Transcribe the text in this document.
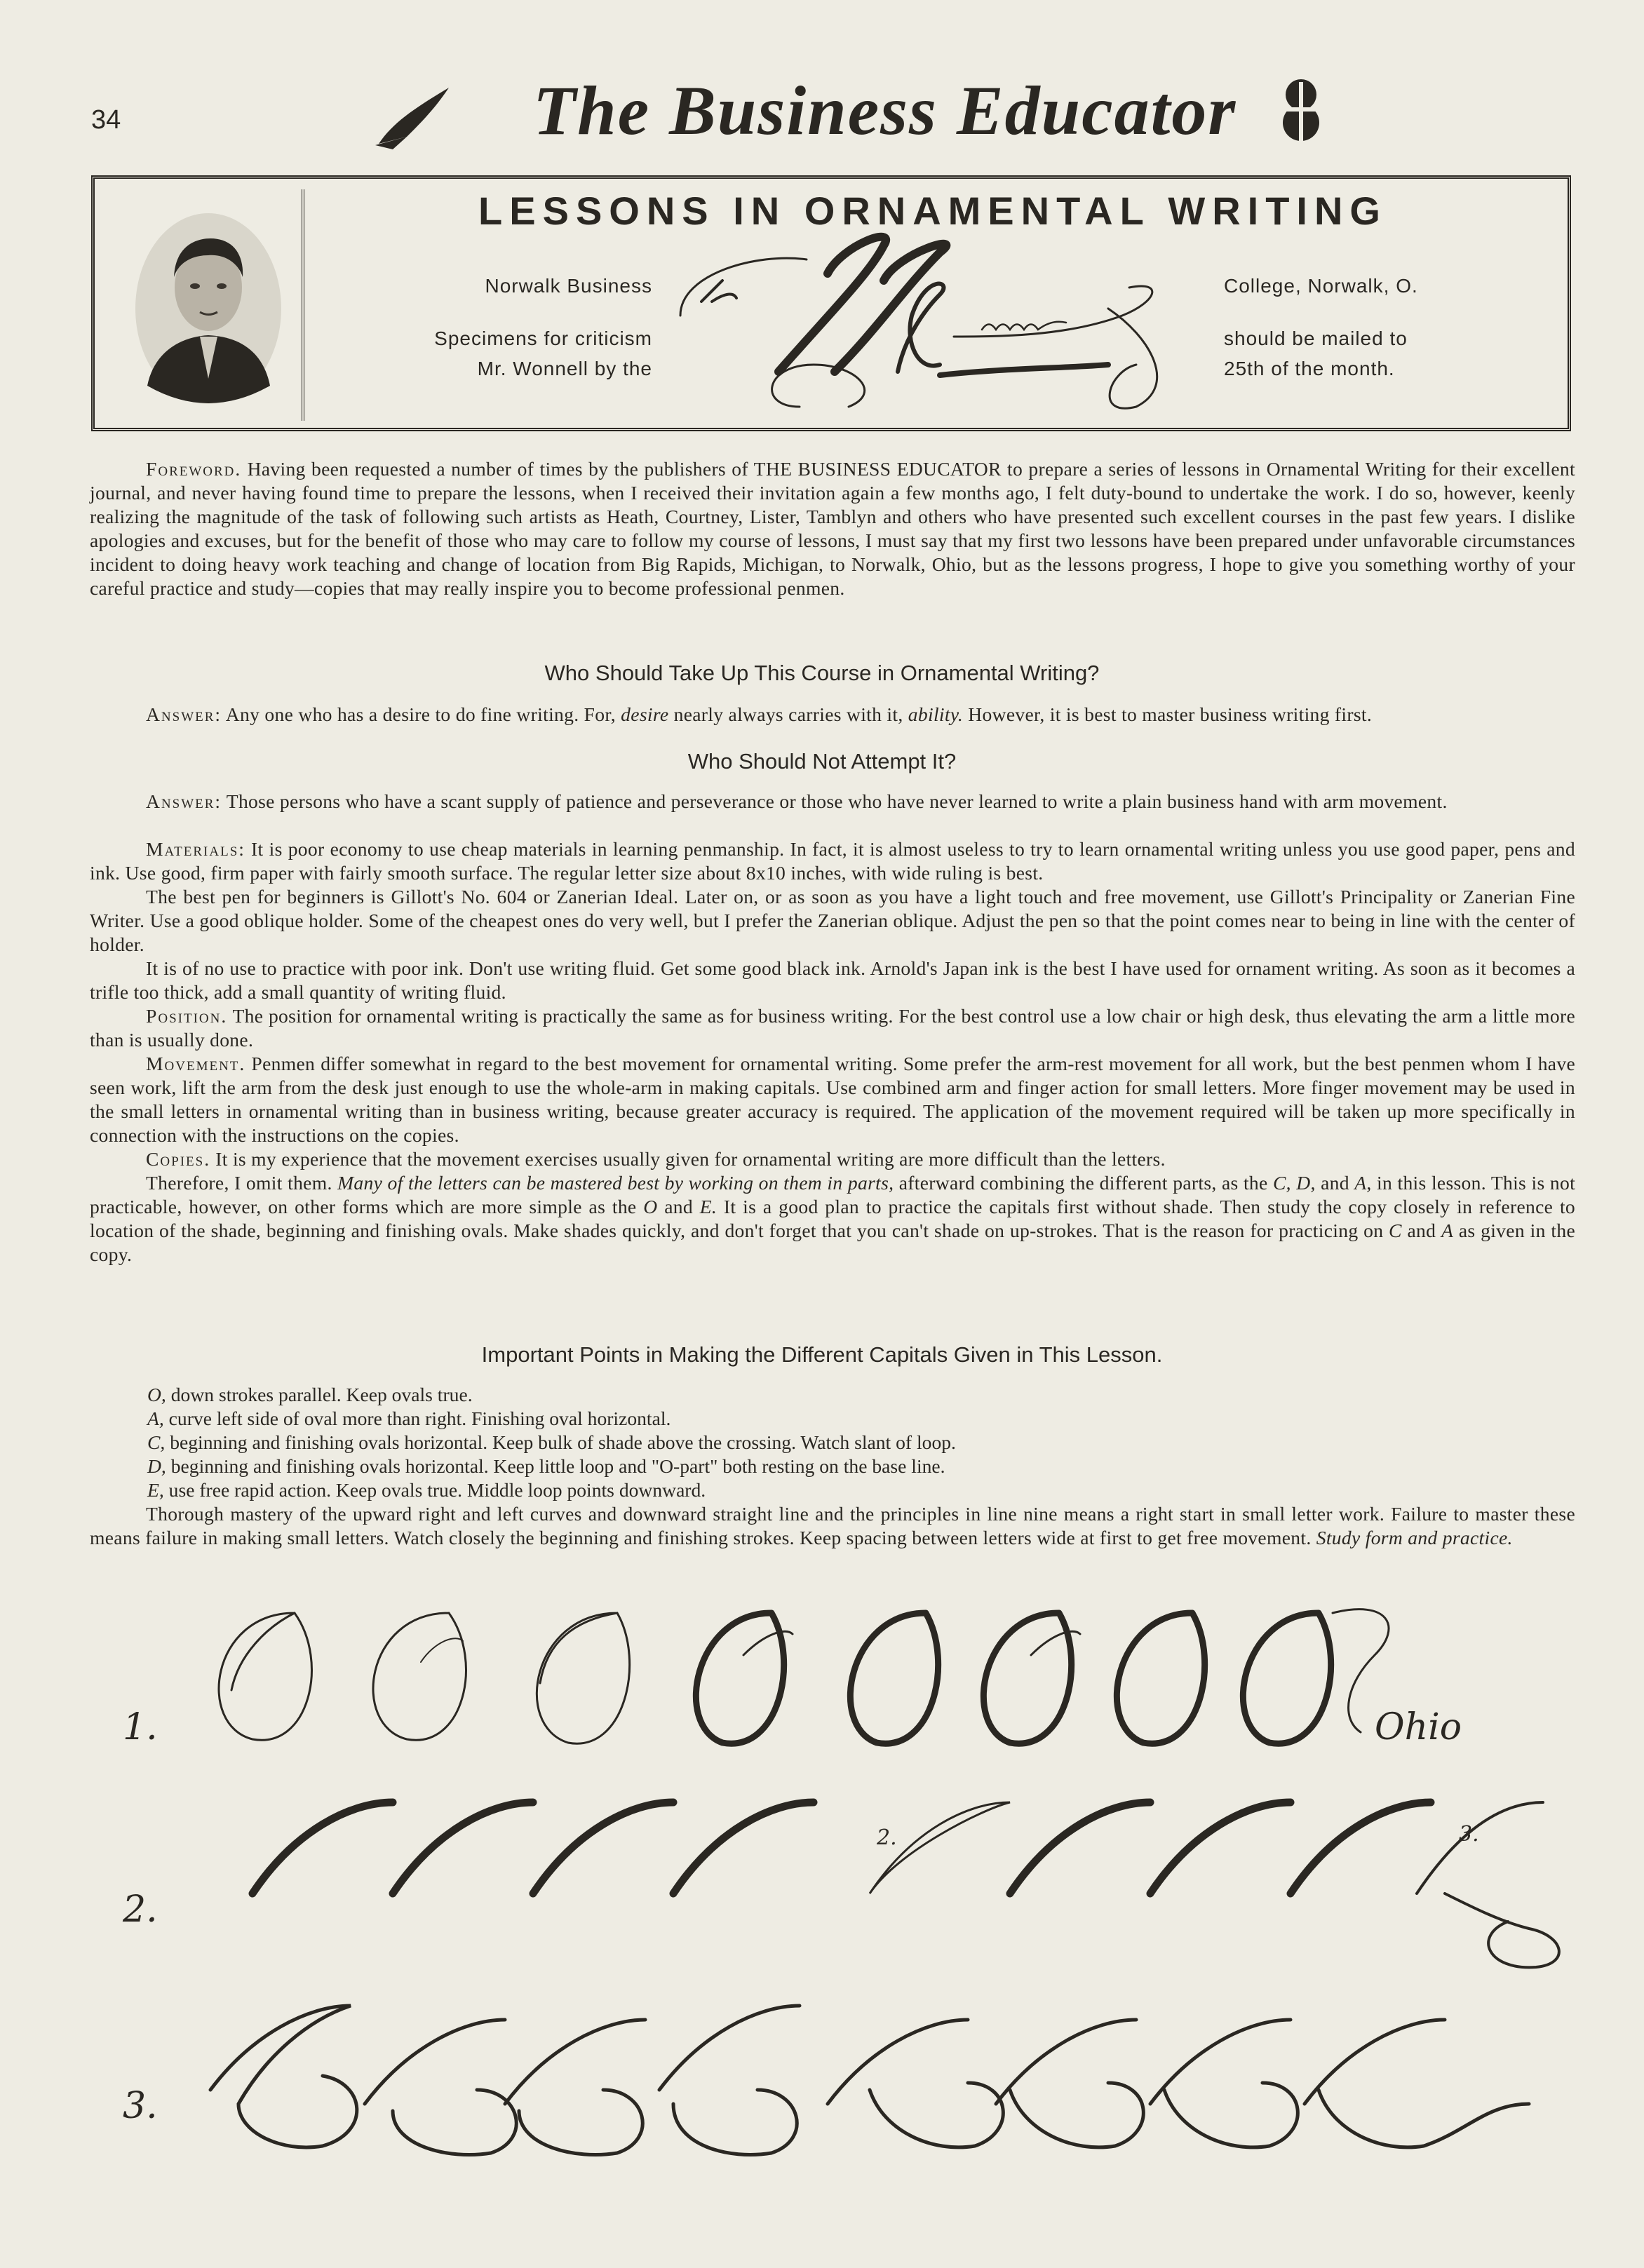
34	The Business Educator
LESSONS IN ORNAMENTAL WRITING
Norwalk Business
Specimens for criticism
Mr. Wonnell by the
College, Norwalk, O.
should be mailed to
25th of the month.
Foreword. Having been requested a number of times by the publishers of THE BUSINESS EDUCATOR to prepare a series of lessons in Ornamental Writing for their excellent journal, and never having found time to prepare the lessons, when I received their invitation again a few months ago, I felt duty-bound to undertake the work. I do so, however, keenly realizing the magnitude of the task of following such artists as Heath, Courtney, Lister, Tamblyn and others who have presented such excellent courses in the past few years. I dislike apologies and excuses, but for the benefit of those who may care to follow my course of lessons, I must say that my first two lessons have been prepared under unfavorable circumstances incident to doing heavy work teaching and change of location from Big Rapids, Michigan, to Norwalk, Ohio, but as the lessons progress, I hope to give you something worthy of your careful practice and study—copies that may really inspire you to become professional penmen.
Who Should Take Up This Course in Ornamental Writing?
Answer: Any one who has a desire to do fine writing. For, desire nearly always carries with it, ability. However, it is best to master business writing first.
Who Should Not Attempt It?
Answer: Those persons who have a scant supply of patience and perseverance or those who have never learned to write a plain business hand with arm movement.
Materials: It is poor economy to use cheap materials in learning penmanship. In fact, it is almost useless to try to learn ornamental writing unless you use good paper, pens and ink. Use good, firm paper with fairly smooth surface. The regular letter size about 8x10 inches, with wide ruling is best.
The best pen for beginners is Gillott's No. 604 or Zanerian Ideal. Later on, or as soon as you have a light touch and free movement, use Gillott's Principality or Zanerian Fine Writer. Use a good oblique holder. Some of the cheapest ones do very well, but I prefer the Zanerian oblique. Adjust the pen so that the point comes near to being in line with the center of holder.
It is of no use to practice with poor ink. Don't use writing fluid. Get some good black ink. Arnold's Japan ink is the best I have used for ornament writing. As soon as it becomes a trifle too thick, add a small quantity of writing fluid.
Position. The position for ornamental writing is practically the same as for business writing. For the best control use a low chair or high desk, thus elevating the arm a little more than is usually done.
Movement. Penmen differ somewhat in regard to the best movement for ornamental writing. Some prefer the arm-rest movement for all work, but the best penmen whom I have seen work, lift the arm from the desk just enough to use the whole-arm in making capitals. Use combined arm and finger action for small letters. More finger movement may be used in the small letters in ornamental writing than in business writing, because greater accuracy is required. The application of the movement required will be taken up more specifically in connection with the instructions on the copies.
Copies. It is my experience that the movement exercises usually given for ornamental writing are more difficult than the letters.
Therefore, I omit them. Many of the letters can be mastered best by working on them in parts, afterward combining the different parts, as the C, D, and A, in this lesson. This is not practicable, however, on other forms which are more simple as the O and E. It is a good plan to practice the capitals first without shade. Then study the copy closely in reference to location of the shade, beginning and finishing ovals. Make shades quickly, and don't forget that you can't shade on up-strokes. That is the reason for practicing on C and A as given in the copy.
Important Points in Making the Different Capitals Given in This Lesson.
O, down strokes parallel. Keep ovals true.
A, curve left side of oval more than right. Finishing oval horizontal.
C, beginning and finishing ovals horizontal. Keep bulk of shade above the crossing. Watch slant of loop.
D, beginning and finishing ovals horizontal. Keep little loop and "O-part" both resting on the base line.
E, use free rapid action. Keep ovals true. Middle loop points downward.
Thorough mastery of the upward right and left curves and downward straight line and the principles in line nine means a right start in small letter work. Failure to master these means failure in making small letters. Watch closely the beginning and finishing strokes. Keep spacing between letters wide at first to get free movement. Study form and practice.
1.	Ohio
2.
2.	3.
3.
